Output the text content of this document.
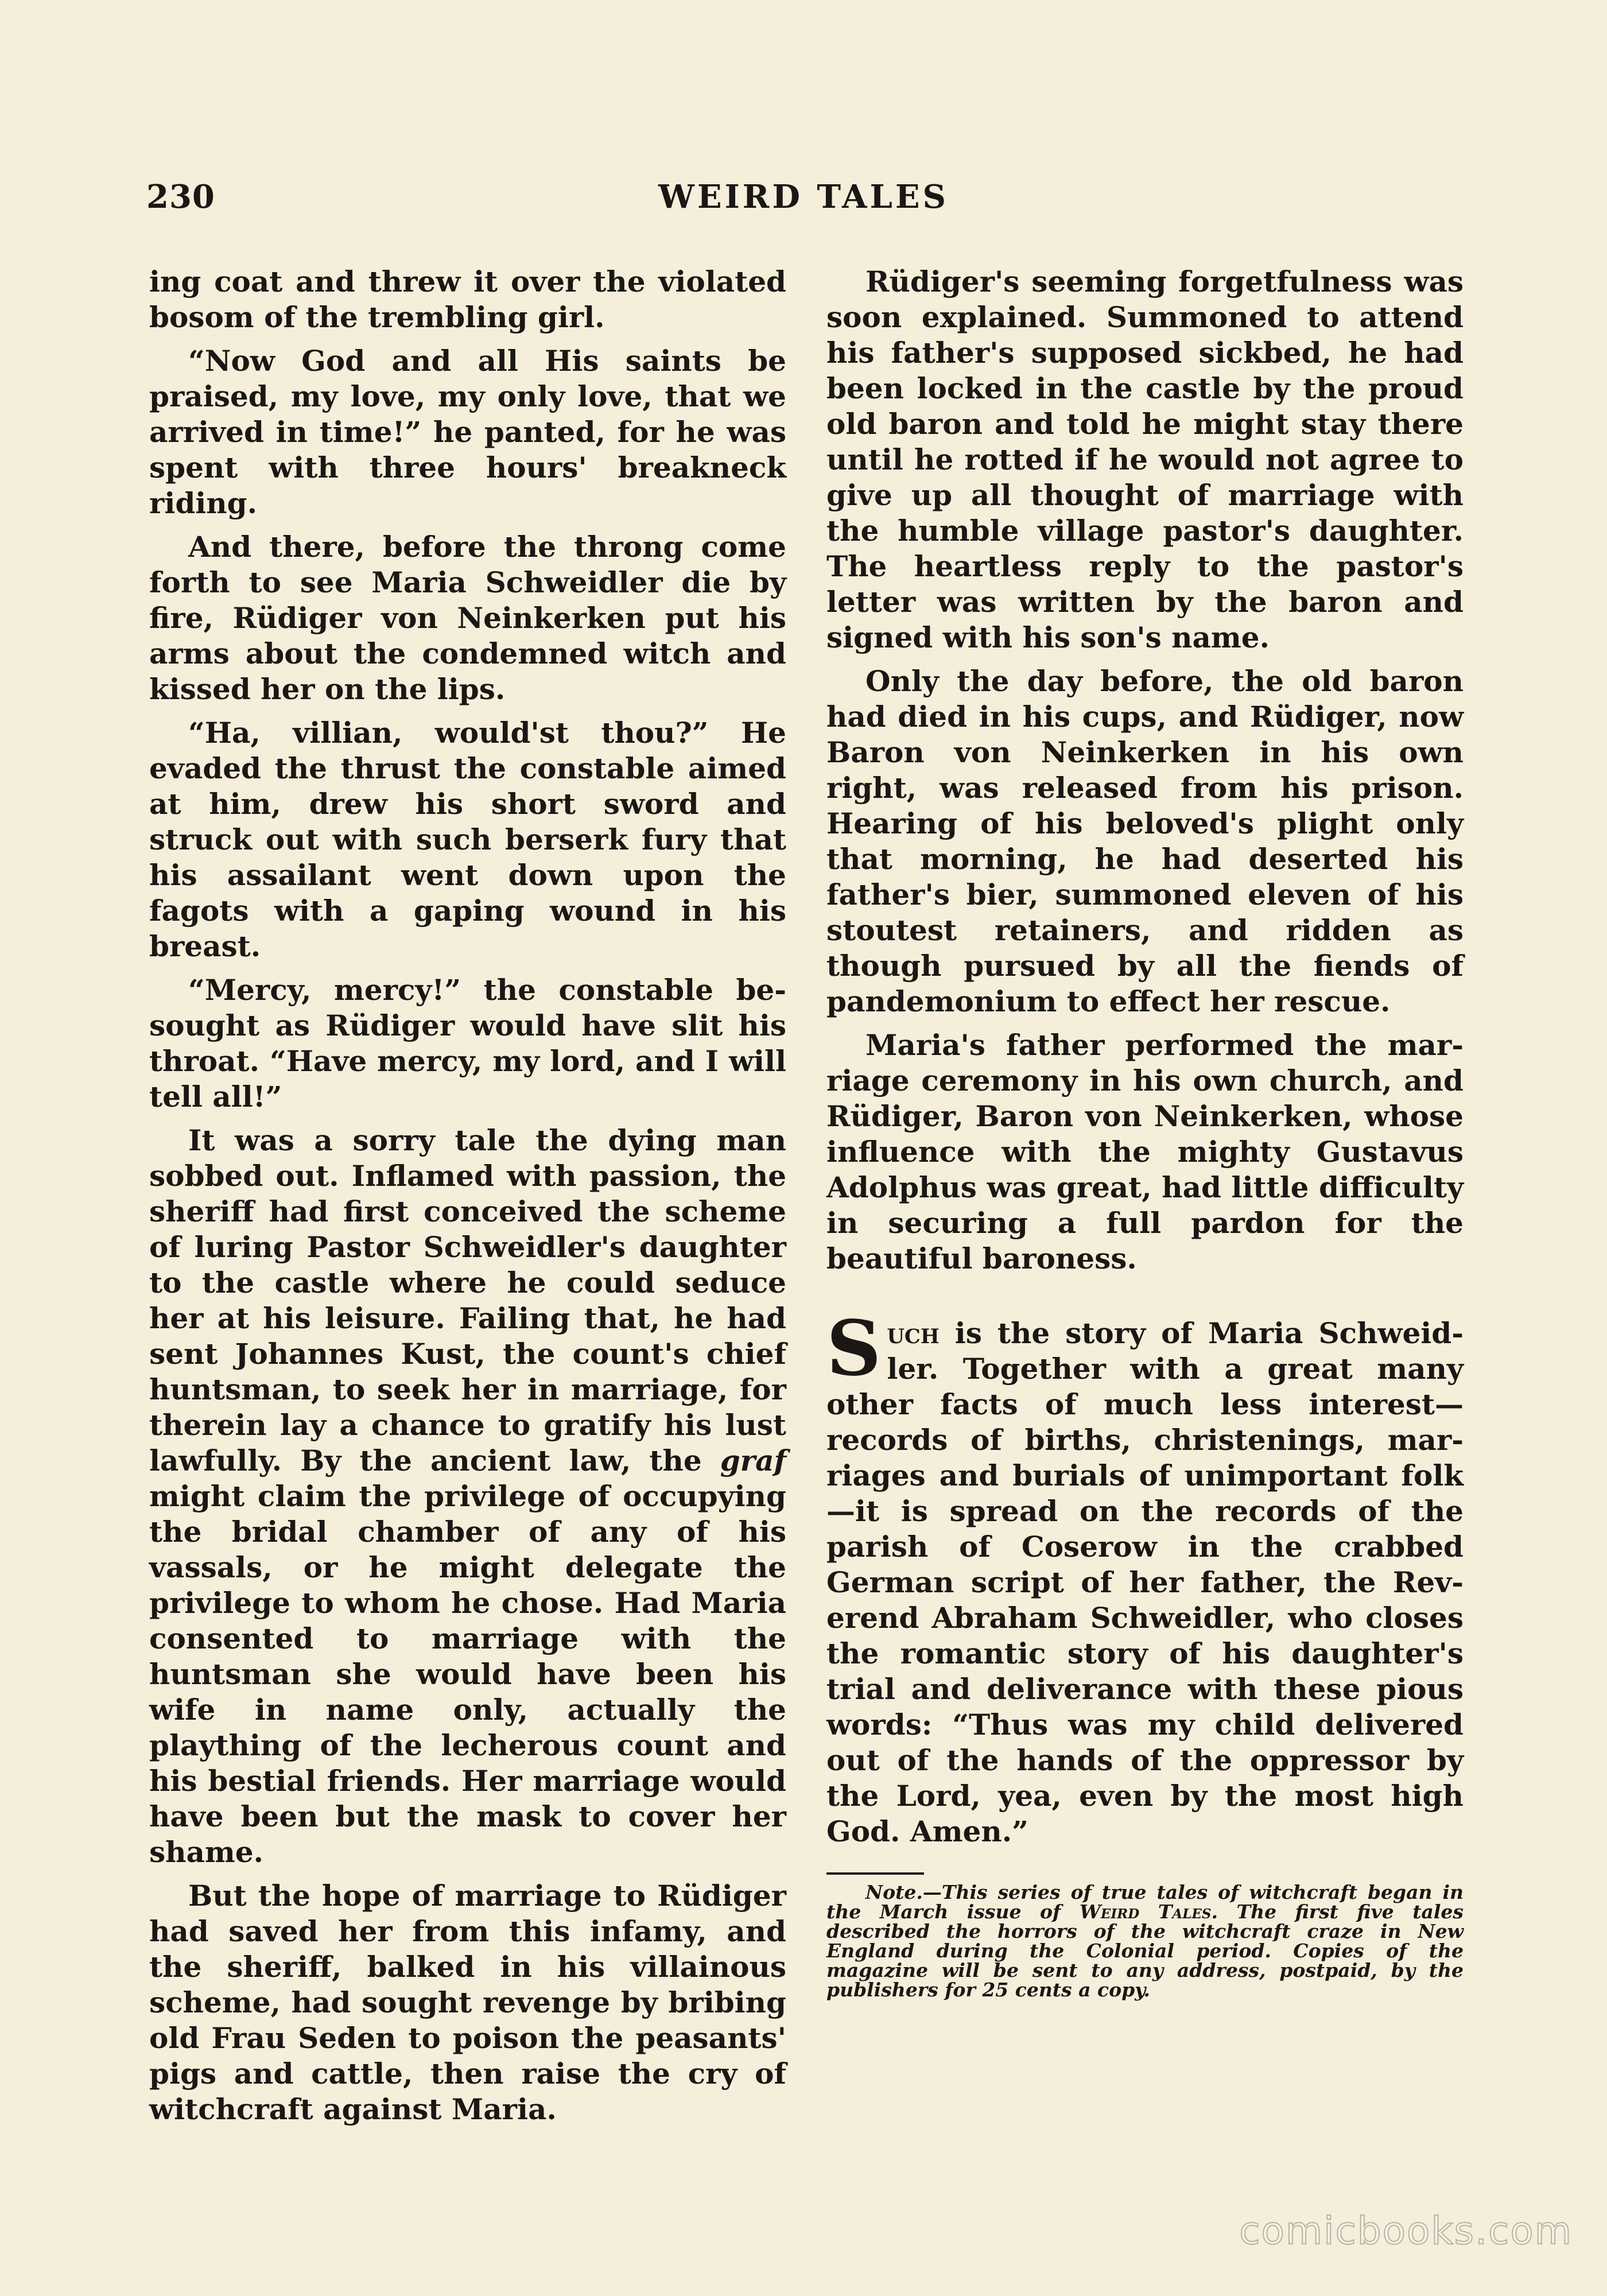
230	WEIRD TALES

ing coat and threw it over the violated bosom of the trembling girl.

“Now God and all His saints be praised, my love, my only love, that we arrived in time!” he panted, for he was spent with three hours' breakneck riding.

And there, before the throng come forth to see Maria Schweidler die by fire, Rüdiger von Neinkerken put his arms about the condemned witch and kissed her on the lips.

“Ha, villian, would'st thou?” He evaded the thrust the constable aimed at him, drew his short sword and struck out with such berserk fury that his assailant went down upon the fagots with a gaping wound in his breast.

“Mercy, mercy!” the constable besought as Rüdiger would have slit his throat. “Have mercy, my lord, and I will tell all!”

It was a sorry tale the dying man sobbed out. Inflamed with passion, the sheriff had first conceived the scheme of luring Pastor Schweidler's daughter to the castle where he could seduce her at his leisure. Failing that, he had sent Johannes Kust, the count's chief huntsman, to seek her in marriage, for therein lay a chance to gratify his lust lawfully. By the ancient law, the graf might claim the privilege of occupying the bridal chamber of any of his vassals, or he might delegate the privilege to whom he chose. Had Maria consented to marriage with the huntsman she would have been his wife in name only, actually the plaything of the lecherous count and his bestial friends. Her marriage would have been but the mask to cover her shame.

But the hope of marriage to Rüdiger had saved her from this infamy, and the sheriff, balked in his villainous scheme, had sought revenge by bribing old Frau Seden to poison the peasants' pigs and cattle, then raise the cry of witchcraft against Maria.

Rüdiger's seeming forgetfulness was soon explained. Summoned to attend his father's supposed sickbed, he had been locked in the castle by the proud old baron and told he might stay there until he rotted if he would not agree to give up all thought of marriage with the humble village pastor's daughter. The heartless reply to the pastor's letter was written by the baron and signed with his son's name.

Only the day before, the old baron had died in his cups, and Rüdiger, now Baron von Neinkerken in his own right, was released from his prison. Hearing of his beloved's plight only that morning, he had deserted his father's bier, summoned eleven of his stoutest retainers, and ridden as though pursued by all the fiends of pandemonium to effect her rescue.

Maria's father performed the marriage ceremony in his own church, and Rüdiger, Baron von Neinkerken, whose influence with the mighty Gustavus Adolphus was great, had little difficulty in securing a full pardon for the beautiful baroness.

Such is the story of Maria Schweidler. Together with a great many other facts of much less interest— records of births, christenings, marriages and burials of unimportant folk—it is spread on the records of the parish of Coserow in the crabbed German script of her father, the Reverend Abraham Schweidler, who closes the romantic story of his daughter's trial and deliverance with these pious words: “Thus was my child delivered out of the hands of the oppressor by the Lord, yea, even by the most high God. Amen.”

Note.—This series of true tales of witchcraft began in the March issue of Weird Tales. The first five tales described the horrors of the witchcraft craze in New England during the Colonial period. Copies of the magazine will be sent to any address, postpaid, by the publishers for 25 cents a copy.

comicbooks.com
